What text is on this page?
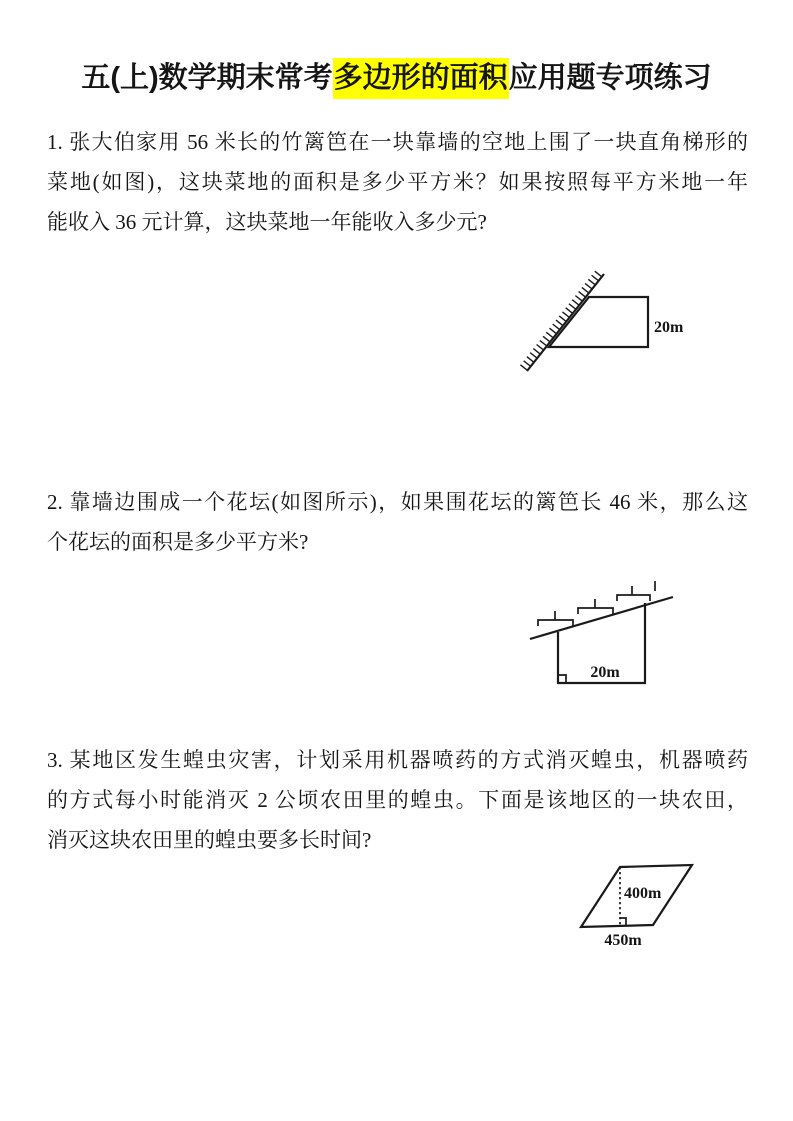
五(上)数学期末常考多边形的面积应用题专项练习
1. 张大伯家用 56 米长的竹篱笆在一块靠墙的空地上围了一块直角梯形的
菜地(如图)，这块菜地的面积是多少平方米？如果按照每平方米地一年
能收入 36 元计算，这块菜地一年能收入多少元?
20m
2. 靠墙边围成一个花坛(如图所示)，如果围花坛的篱笆长 46 米，那么这
个花坛的面积是多少平方米?
20m
3. 某地区发生蝗虫灾害，计划采用机器喷药的方式消灭蝗虫，机器喷药
的方式每小时能消灭 2 公顷农田里的蝗虫。下面是该地区的一块农田，
消灭这块农田里的蝗虫要多长时间?
400m
450m
